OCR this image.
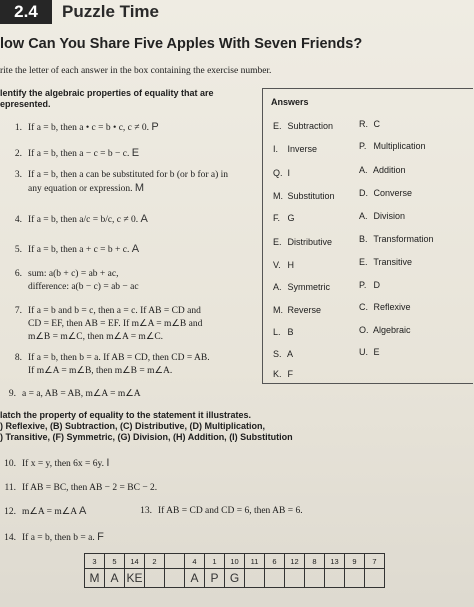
2.4	Puzzle Time
low Can You Share Five Apples With Seven Friends?
rite the letter of each answer in the box containing the exercise number.
lentify the algebraic properties of equality that are
epresented.
1. If a = b, then a • c = b • c, c ≠ 0. P
2. If a = b, then a − c = b − c. E
3. If a = b, then a can be substituted for b (or b for a) in
any equation or expression. M
4. If a = b, then a/c = b/c, c ≠ 0. A
5. If a = b, then a + c = b + c. A
6. sum: a(b + c) = ab + ac,
difference: a(b − c) = ab − ac
7. If a = b and b = c, then a = c. If AB = CD and
CD = EF, then AB = EF. If m∠A = m∠B and
m∠B = m∠C, then m∠A = m∠C.
8. If a = b, then b = a. If AB = CD, then CD = AB.
If m∠A = m∠B, then m∠B = m∠A.
9. a = a, AB = AB, m∠A = m∠A
Answers
E. Subtraction
I. Inverse
Q. I
M. Substitution
F. G
E. Distributive
V. H
A. Symmetric
M. Reverse
L. B
S. A
K. F
R. C
P. Multiplication
A. Addition
D. Converse
A. Division
B. Transformation
E. Transitive
P. D
C. Reflexive
O. Algebraic
U. E
latch the property of equality to the statement it illustrates.
) Reflexive, (B) Subtraction, (C) Distributive, (D) Multiplication,
) Transitive, (F) Symmetric, (G) Division, (H) Addition, (I) Substitution
10. If x = y, then 6x = 6y. I
11. If AB = BC, then AB − 2 = BC − 2.
12. m∠A = m∠A A	13. If AB = CD and CD = 6, then AB = 6.
14. If a = b, then b = a. F
3	5	14	2		4	1	10	11	6	12	8	13	9	7
M	A	KE			A	P	G							
